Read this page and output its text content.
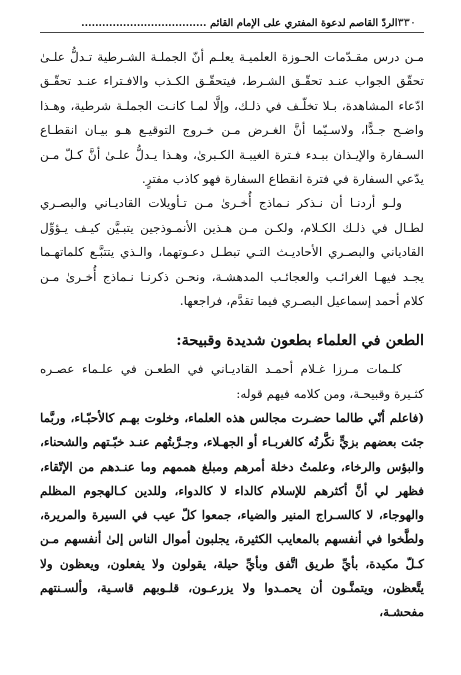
٣٣٠
الردّ القاصم لدعوة المفتري على الإمام القائم ....................................

مـن درس مقـدّمات الحـوزة العلميـة يعلـم أنّ الجملـة الشـرطية تـدلُّ علـىٰ تحقّق الجواب عنـد تحقّـق الشـرط، فيتحقّـق الكـذب والافـتراء عنـد تحقّـق ادّعاء المشاهدة، بـلا تخلّـف في ذلـك، وإلَّا لمـا كانـت الجملـة شرطية، وهـذا واضـح جـدًّا، ولاسـيّما أنَّ الغـرض مـن خـروج التوقيـع هـو بيـان انقطـاع السـفارة والإيـذان ببـدء فـترة الغيبـة الكـبرىٰ، وهـذا يـدلُّ علـىٰ أنَّ كـلّ مـن يدّعي السفارة في فترة انقطاع السفارة فهو كاذب مفترٍ.

ولـو أردنـا أن نـذكر نـماذج أُخـرىٰ مـن تـأويلات القاديـاني والبصـري لطـال في ذلـك الكـلام، ولكـن مـن هـذين الأنمـوذجين يتبـيَّن كيـف يـؤوِّل القادياني والبصـري الأحاديـث التـي تبطـل دعـوتهما، والـذي يتتبَّـع كلماتهـما يجـد فيهـا الغرائـب والعجائـب المدهشـة، ونحـن ذكرنـا نـماذج أُخـرىٰ مـن كلام أحمد إسماعيل البصـري فيما تقدَّم، فراجعها.

الطعن في العلماء بطعون شديدة وقبيحة:

كلـمات مـرزا غـلام أحمـد القاديـاني في الطعـن في علـماء عصـره كثـيرة وقبيحـة، ومن كلامه فيهم قوله:

(فاعلم أنّي طالما حضـرت مجالس هذه العلماء، وخلوت بهـم كالأحبّـاء، وربَّما جئت بعضهم بزيٍّ نكَّرتُه كالغربـاء أو الجهـلاء، وجـرَّبتُهم عنـد خبّـتهم والشحناء، والبؤس والرخاء، وعلمتُ دخلة أمرهم ومبلغ هممهم وما عنـدهم من الإتّقاء، فظهر لي أنَّ أكثرهم للإسلام كالداء لا كالدواء، وللدين كـالهجوم المظلم والهوجاء، لا كالسـراج المنير والضياء، جمعوا كلّ عيب في السيرة والمريرة، ولطَّخوا في أنفسهم بالمعايب الكثيرة، يجلبون أموال الناس إلىٰ أنفسهم مـن كـلّ مكيدة، بأيِّ طريق اتَّفق وبأيِّ حيلة، يقولون ولا يفعلون، ويعظون ولا يتَّعظون، ويتمنَّـون أن يحمـدوا ولا يزرعـون، قلـوبهم قاسـية، وألسـنتهم مفحشـة،
